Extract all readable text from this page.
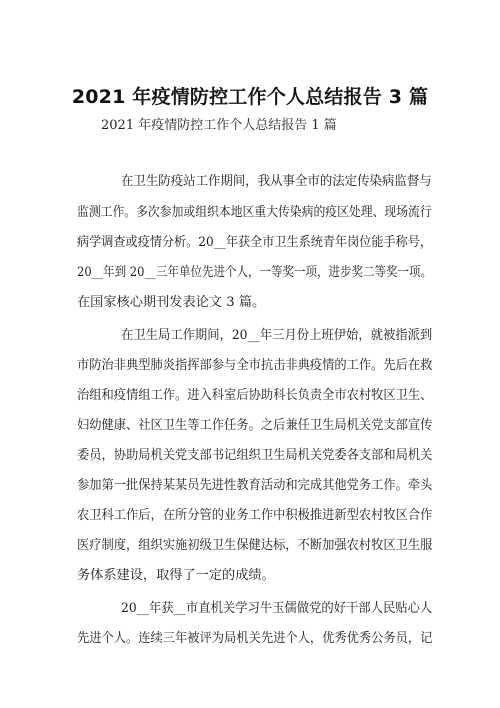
2021 年疫情防控工作个人总结报告 3 篇
2021 年疫情防控工作个人总结报告 1 篇
在卫生防疫站工作期间，我从事全市的法定传染病监督与
监测工作。多次参加或组织本地区重大传染病的疫区处理、现场流行
病学调查或疫情分析。20__年获全市卫生系统青年岗位能手称号，
20__年到 20__三年单位先进个人，一等奖一项，进步奖二等奖一项。
在国家核心期刊发表论文 3 篇。
在卫生局工作期间，20__年三月份上班伊始，就被指派到
市防治非典型肺炎指挥部参与全市抗击非典疫情的工作。先后在救
治组和疫情组工作。进入科室后协助科长负责全市农村牧区卫生、
妇幼健康、社区卫生等工作任务。之后兼任卫生局机关党支部宣传
委员，协助局机关党支部书记组织卫生局机关党委各支部和局机关
参加第一批保持某某员先进性教育活动和完成其他党务工作。牵头
农卫科工作后，在所分管的业务工作中积极推进新型农村牧区合作
医疗制度，组织实施初级卫生保健达标，不断加强农村牧区卫生服
务体系建设，取得了一定的成绩。
20__年获__市直机关学习牛玉儒做党的好干部人民贴心人
先进个人。连续三年被评为局机关先进个人，优秀优秀公务员，记
